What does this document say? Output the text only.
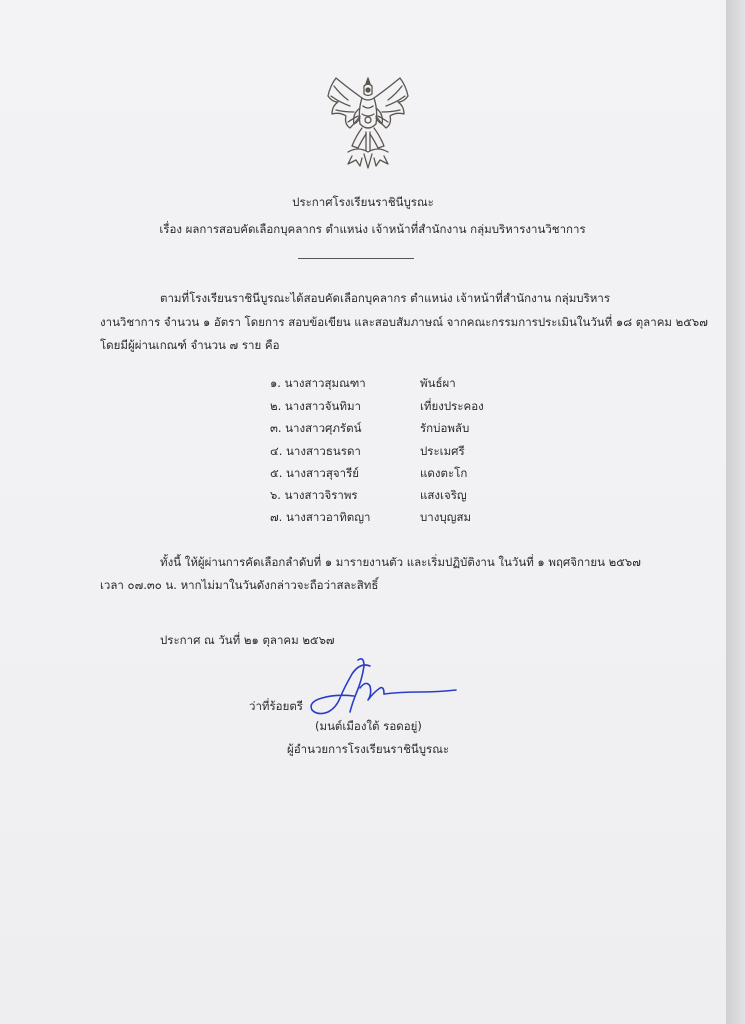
ประกาศโรงเรียนราชินีบูรณะ
เรื่อง ผลการสอบคัดเลือกบุคลากร ตำแหน่ง เจ้าหน้าที่สำนักงาน กลุ่มบริหารงานวิชาการ
ตามที่โรงเรียนราชินีบูรณะได้สอบคัดเลือกบุคลากร ตำแหน่ง เจ้าหน้าที่สำนักงาน กลุ่มบริหาร
งานวิชาการ จำนวน ๑ อัตรา โดยการ สอบข้อเขียน และสอบสัมภาษณ์ จากคณะกรรมการประเมินในวันที่ ๑๘ ตุลาคม ๒๕๖๗
โดยมีผู้ผ่านเกณฑ์ จำนวน ๗ ราย คือ
๑. นางสาวสุมณฑา	พันธ์ผา
๒. นางสาวจันทิมา	เที่ยงประคอง
๓. นางสาวศุภรัตน์	รักบ่อพลับ
๔. นางสาวธนรดา	ประเมศรี
๕. นางสาวสุจารีย์	แดงตะโก
๖. นางสาวจิราพร	แสงเจริญ
๗. นางสาวอาทิตญา	บางบุญสม
ทั้งนี้ ให้ผู้ผ่านการคัดเลือกลำดับที่ ๑ มารายงานตัว และเริ่มปฏิบัติงาน ในวันที่ ๑ พฤศจิกายน ๒๕๖๗
เวลา ๐๗.๓๐ น. หากไม่มาในวันดังกล่าวจะถือว่าสละสิทธิ์
ประกาศ ณ วันที่ ๒๑ ตุลาคม ๒๕๖๗
ว่าที่ร้อยตรี
(มนต์เมืองใต้ รอดอยู่)
ผู้อำนวยการโรงเรียนราชินีบูรณะ
